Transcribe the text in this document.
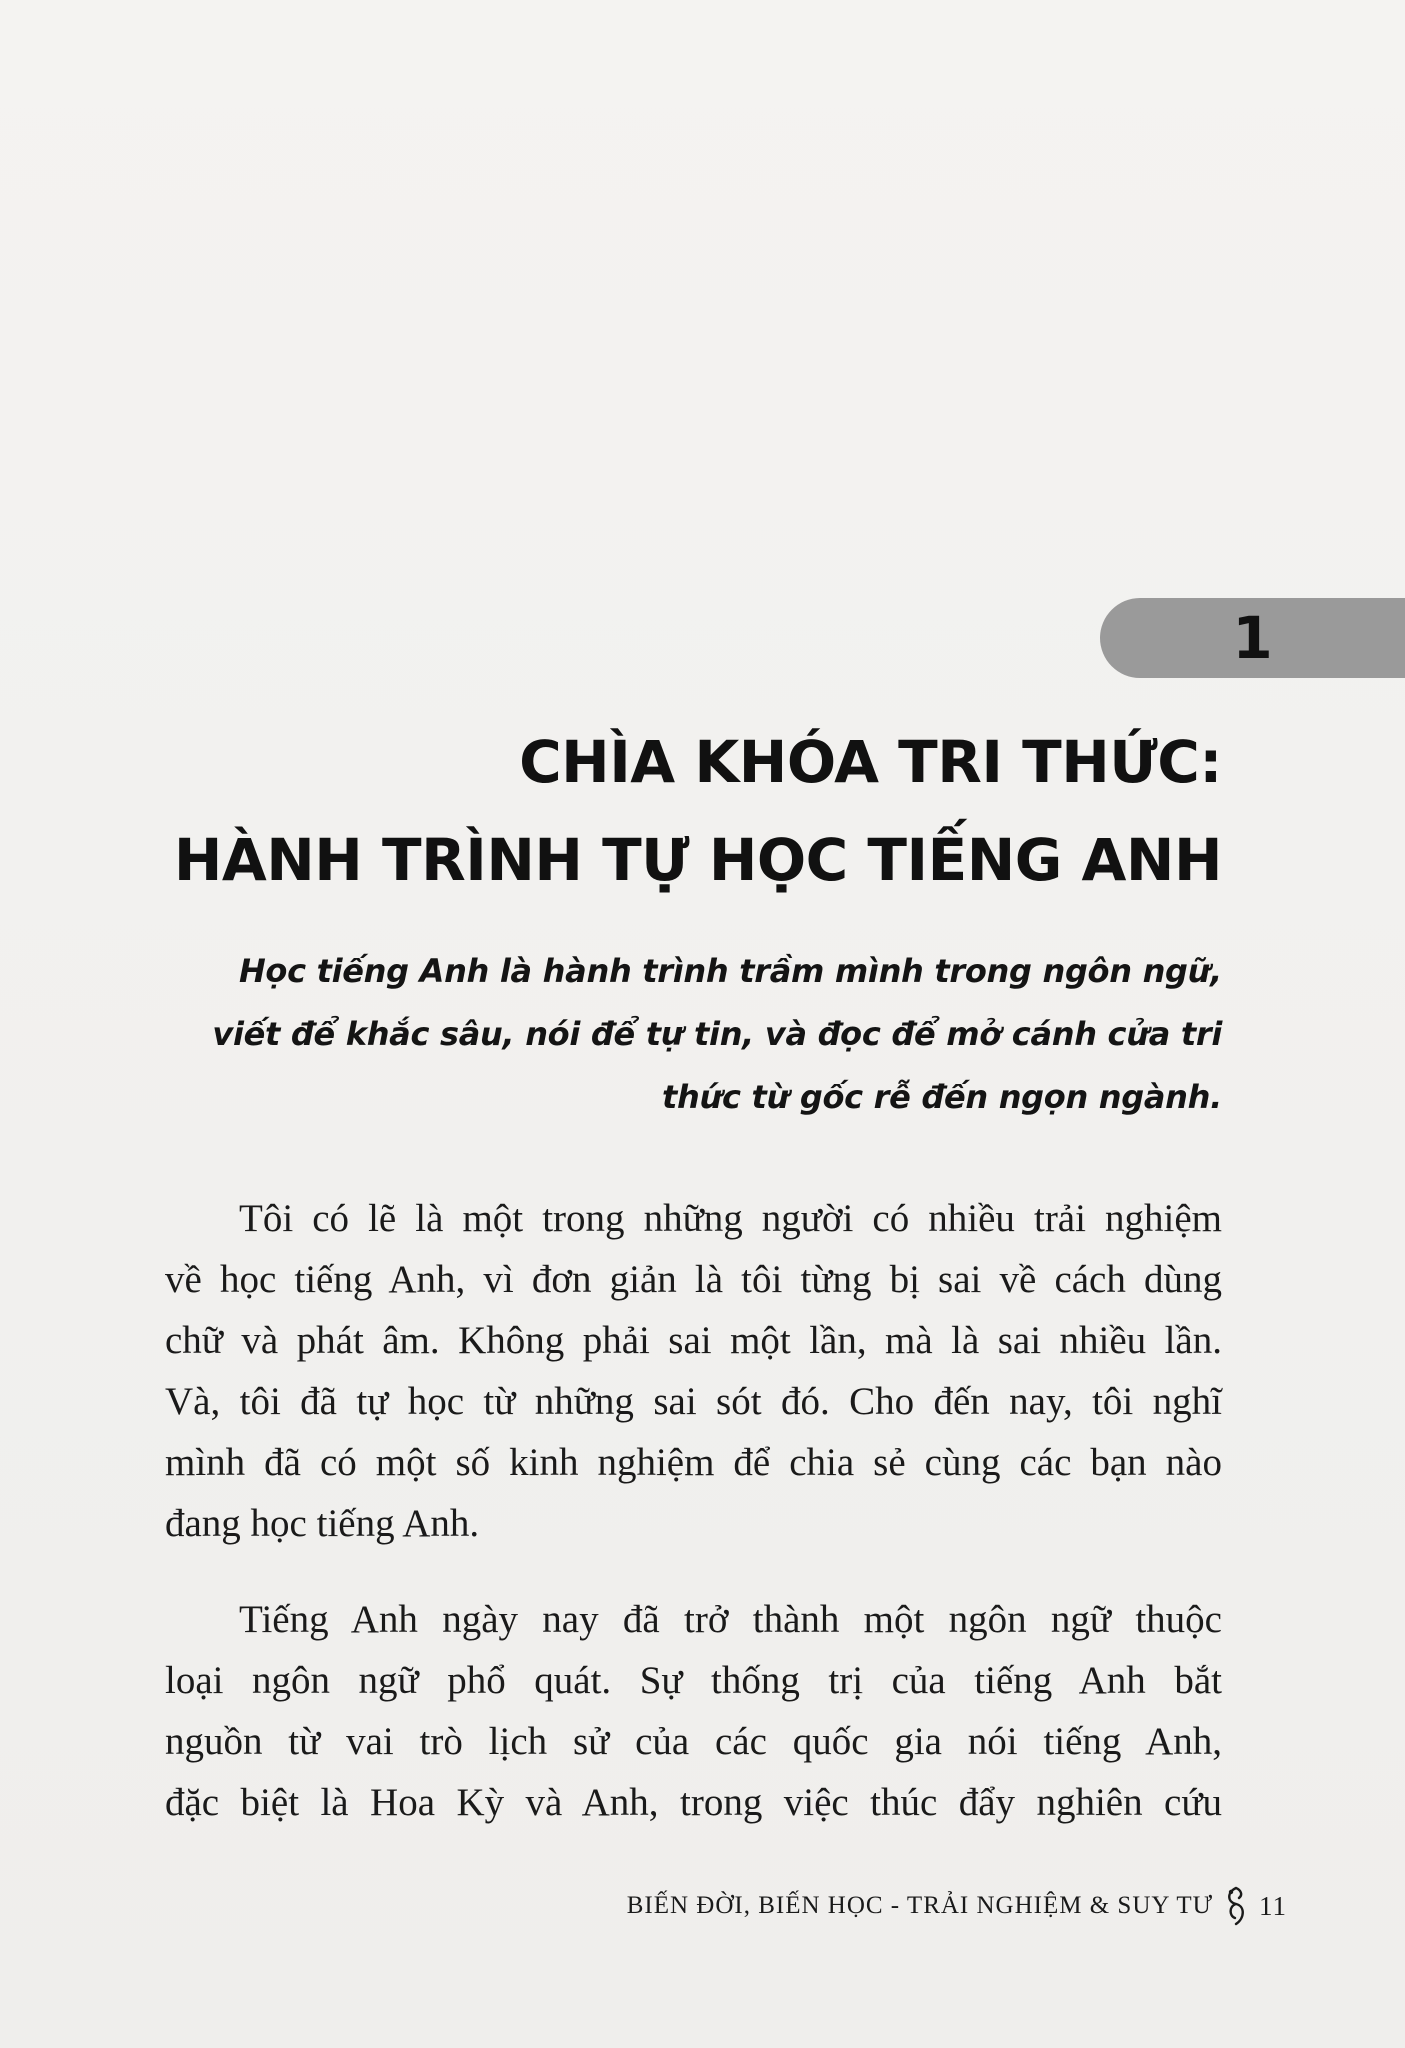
1
CHÌA KHÓA TRI THỨC:
HÀNH TRÌNH TỰ HỌC TIẾNG ANH
Học tiếng Anh là hành trình trầm mình trong ngôn ngữ,
viết để khắc sâu, nói để tự tin, và đọc để mở cánh cửa tri
thức từ gốc rễ đến ngọn ngành.
Tôi có lẽ là một trong những người có nhiều trải nghiệm
về học tiếng Anh, vì đơn giản là tôi từng bị sai về cách dùng
chữ và phát âm. Không phải sai một lần, mà là sai nhiều lần.
Và, tôi đã tự học từ những sai sót đó. Cho đến nay, tôi nghĩ
mình đã có một số kinh nghiệm để chia sẻ cùng các bạn nào
đang học tiếng Anh.
Tiếng Anh ngày nay đã trở thành một ngôn ngữ thuộc
loại ngôn ngữ phổ quát. Sự thống trị của tiếng Anh bắt
nguồn từ vai trò lịch sử của các quốc gia nói tiếng Anh,
đặc biệt là Hoa Kỳ và Anh, trong việc thúc đẩy nghiên cứu
BIẾN ĐỜI, BIẾN HỌC - TRẢI NGHIỆM & SUY TƯ 11
